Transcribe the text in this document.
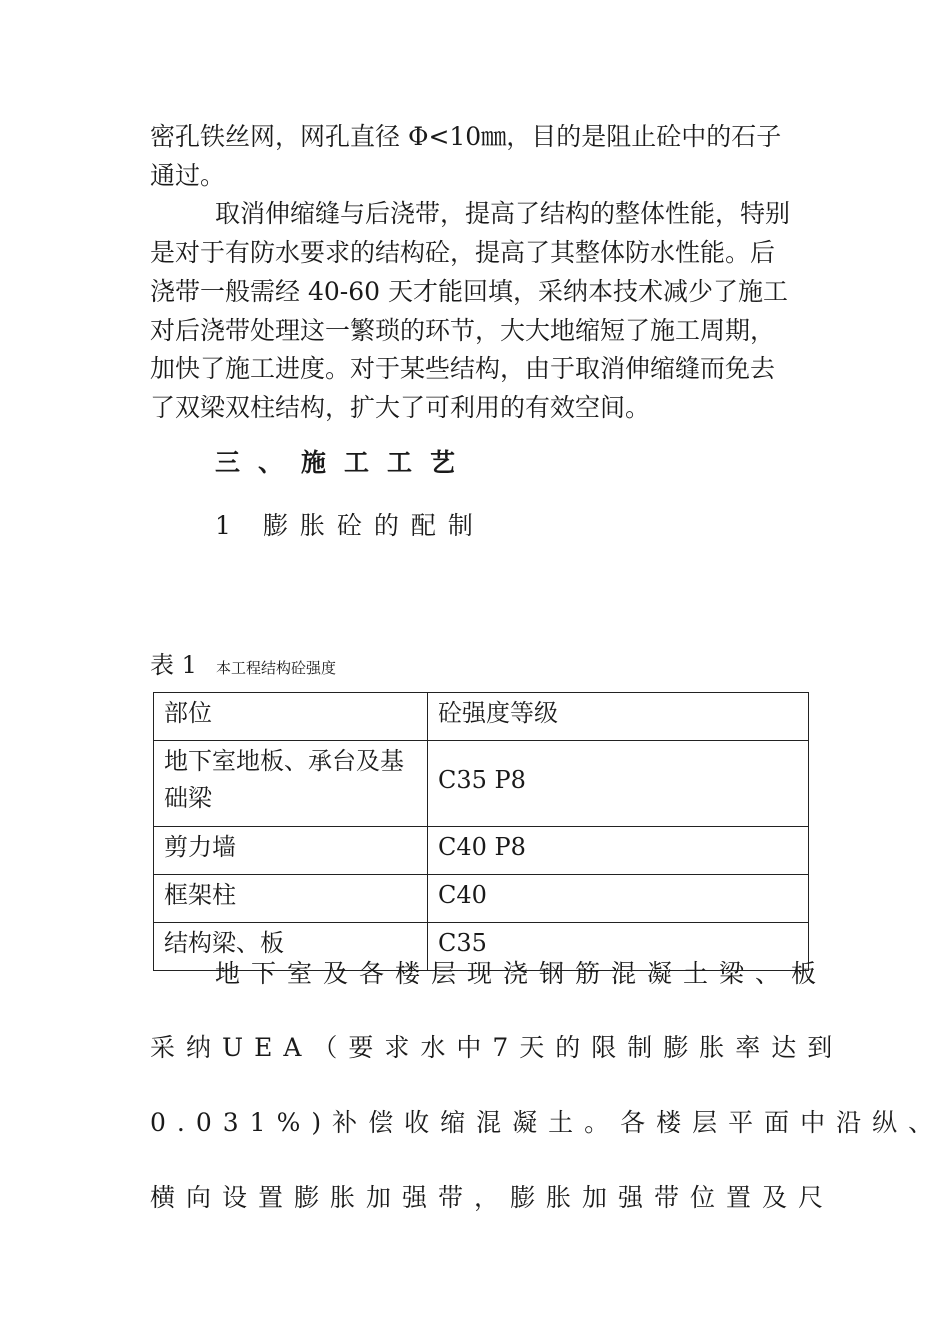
密孔铁丝网，网孔直径 Φ<10㎜，目的是阻止砼中的石子
通过。
取消伸缩缝与后浇带，提高了结构的整体性能，特别
是对于有防水要求的结构砼，提高了其整体防水性能。后
浇带一般需经 40-60 天才能回填，采纳本技术减少了施工
对后浇带处理这一繁琐的环节，大大地缩短了施工周期，
加快了施工进度。对于某些结构，由于取消伸缩缝而免去
了双梁双柱结构，扩大了可利用的有效空间。
三、施工工艺
1 膨胀砼的配制
表 1 本工程结构砼强度
部位	砼强度等级
地下室地板、承台及基础梁	C35 P8
剪力墙	C40 P8
框架柱	C40
结构梁、板	C35
地下室及各楼层现浇钢筋混凝土梁、板
采纳UEA（要求水中7天的限制膨胀率达到
0.031%)补偿收缩混凝土。各楼层平面中沿纵、
横向设置膨胀加强带，膨胀加强带位置及尺
